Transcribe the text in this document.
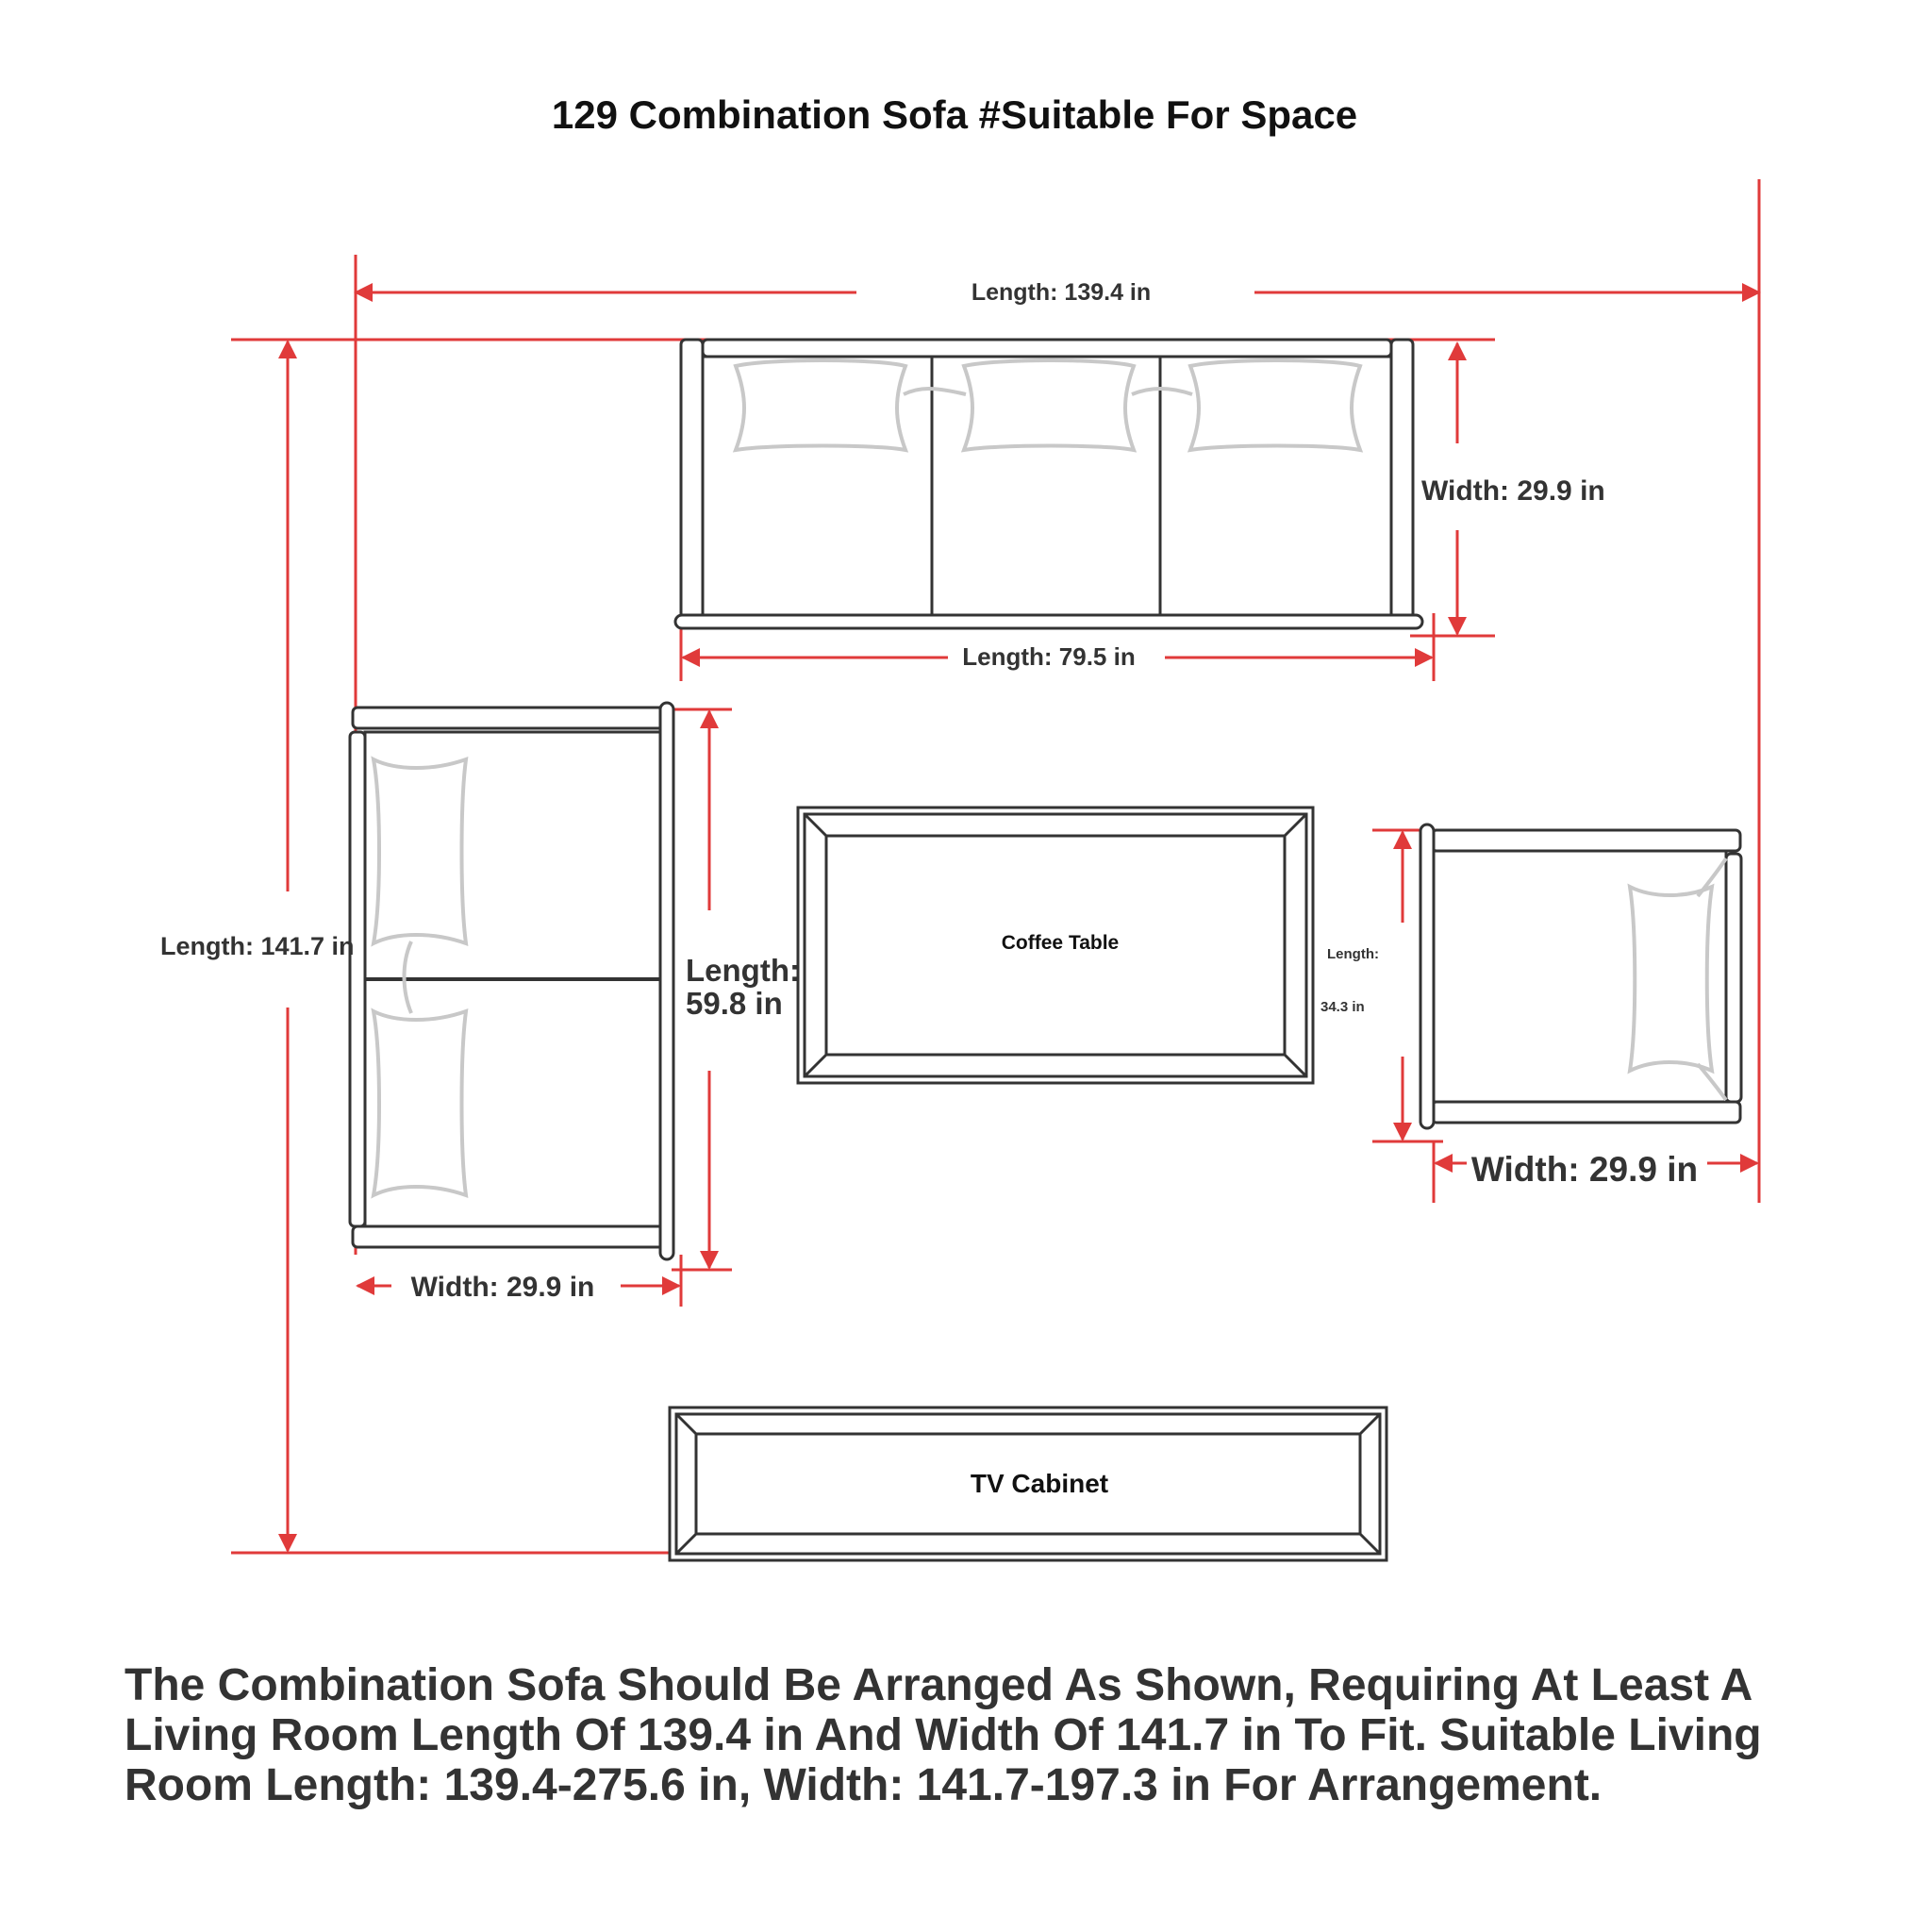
129 Combination Sofa #Suitable For Space
Coffee Table
TV Cabinet
Length: 139.4 in
Length: 141.7 in
Width: 29.9 in
Length: 79.5 in
Length:
59.8 in
Width: 29.9 in
Length:
34.3 in
Width: 29.9 in

The Combination Sofa Should Be Arranged As Shown, Requiring At Least A Living Room Length Of 139.4 in And Width Of 141.7 in To Fit. Suitable Living Room Length: 139.4-275.6 in, Width: 141.7-197.3 in For Arrangement.
